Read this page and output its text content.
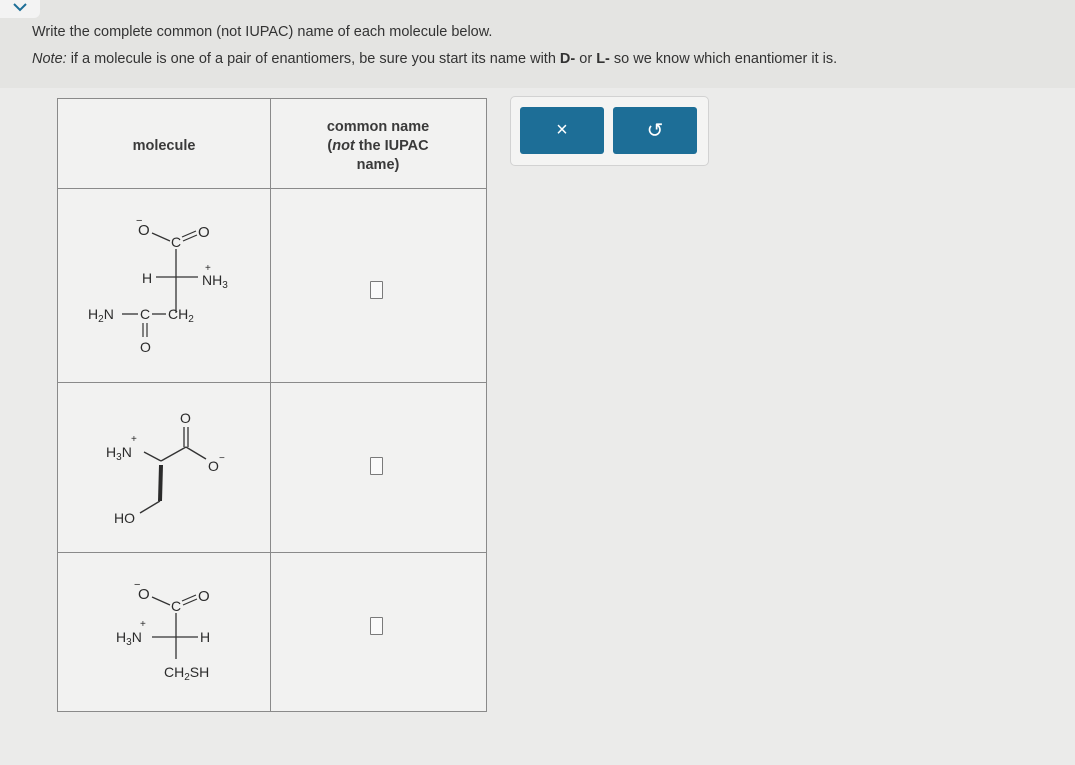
Write the complete common (not IUPAC) name of each molecule below.
Note: if a molecule is one of a pair of enantiomers, be sure you start its name with D- or L- so we know which enantiomer it is.
molecule
common name
(not the IUPAC
name)
O
−
C
O
H	$NH_3$
+
$H_2N$ C $CH_2$
O
$H_3N$
+
O
O −
HO
O
−
C
O
$H_3N$
+
H
$CH_2SH$
×	↺
